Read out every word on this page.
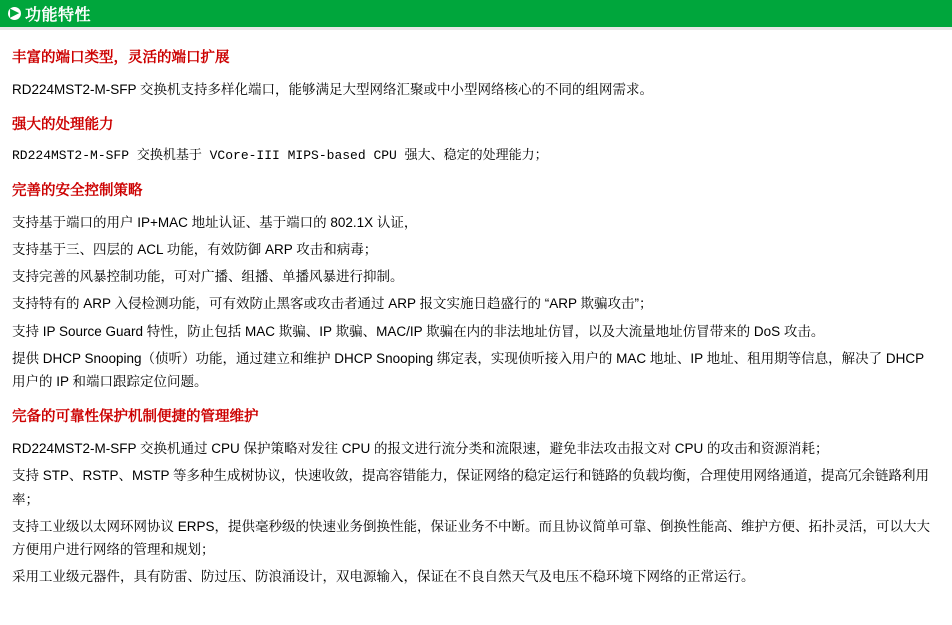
▶ 功能特性
丰富的端口类型，灵活的端口扩展

RD224MST2-M-SFP 交换机支持多样化端口，能够满足大型网络汇聚或中小型网络核心的不同的组网需求。

强大的处理能力

RD224MST2-M-SFP 交换机基于 VCore-III MIPS-based CPU 强大、稳定的处理能力；

完善的安全控制策略

支持基于端口的用户 IP+MAC 地址认证、基于端口的 802.1X 认证，

支持基于三、四层的 ACL 功能，有效防御 ARP 攻击和病毒；

支持完善的风暴控制功能，可对广播、组播、单播风暴进行抑制。

支持特有的 ARP 入侵检测功能，可有效防止黑客或攻击者通过 ARP 报文实施日趋盛行的 “ARP 欺骗攻击”；

支持 IP Source Guard 特性，防止包括 MAC 欺骗、IP 欺骗、MAC/IP 欺骗在内的非法地址仿冒，以及大流量地址仿冒带来的 DoS 攻击。

提供 DHCP Snooping（侦听）功能，通过建立和维护 DHCP Snooping 绑定表，实现侦听接入用户的 MAC 地址、IP 地址、租用期等信息，解决了 DHCP 用户的 IP 和端口跟踪定位问题。

完备的可靠性保护机制便捷的管理维护

RD224MST2-M-SFP 交换机通过 CPU 保护策略对发往 CPU 的报文进行流分类和流限速，避免非法攻击报文对 CPU 的攻击和资源消耗；

支持 STP、RSTP、MSTP 等多种生成树协议，快速收敛，提高容错能力，保证网络的稳定运行和链路的负载均衡，合理使用网络通道，提高冗余链路利用率；

支持工业级以太网环网协议 ERPS，提供毫秒级的快速业务倒换性能，保证业务不中断。而且协议简单可靠、倒换性能高、维护方便、拓扑灵活，可以大大方便用户进行网络的管理和规划；

采用工业级元器件，具有防雷、防过压、防浪涌设计，双电源输入，保证在不良自然天气及电压不稳环境下网络的正常运行。
